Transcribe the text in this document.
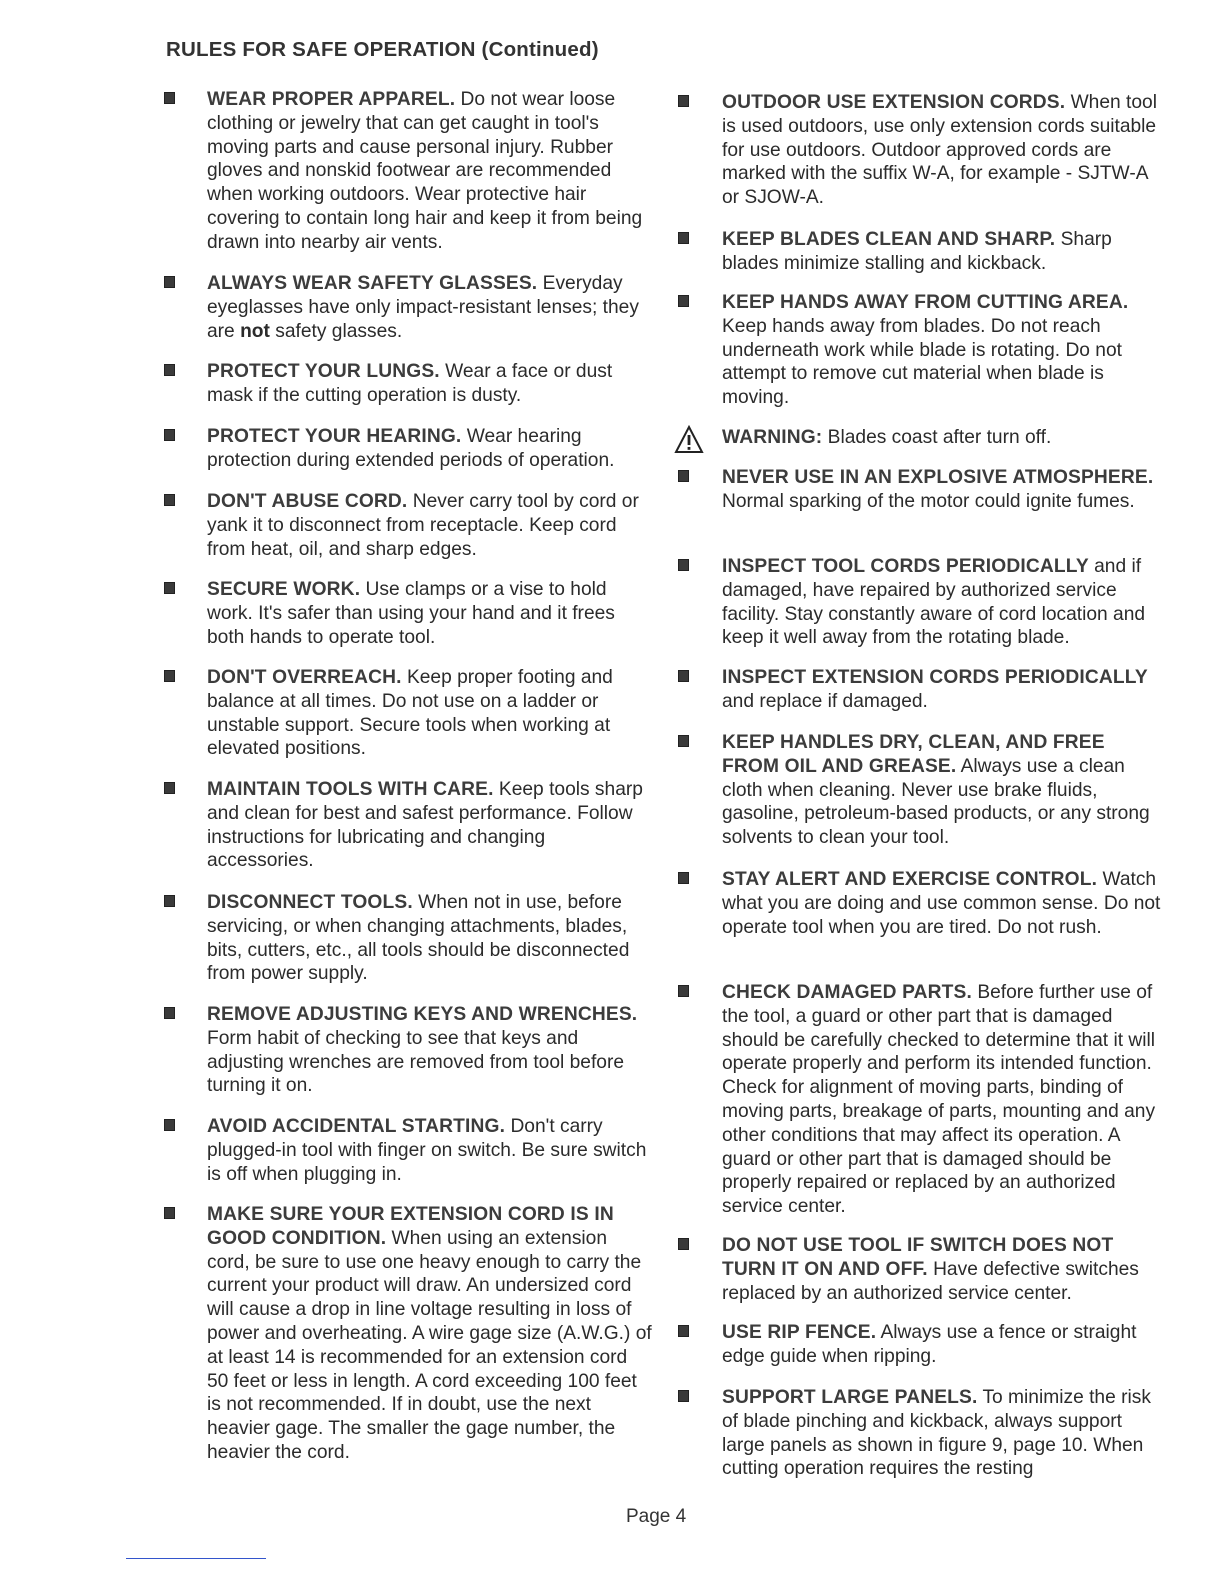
RULES FOR SAFE OPERATION (Continued)
WEAR PROPER APPAREL. Do not wear loose clothing or jewelry that can get caught in tool's moving parts and cause personal injury. Rubber gloves and nonskid footwear are recommended when working outdoors. Wear protective hair covering to contain long hair and keep it from being drawn into nearby air vents.
ALWAYS WEAR SAFETY GLASSES. Everyday eyeglasses have only impact-resistant lenses; they are not safety glasses.
PROTECT YOUR LUNGS. Wear a face or dust mask if the cutting operation is dusty.
PROTECT YOUR HEARING. Wear hearing protection during extended periods of operation.
DON'T ABUSE CORD. Never carry tool by cord or yank it to disconnect from receptacle. Keep cord from heat, oil, and sharp edges.
SECURE WORK. Use clamps or a vise to hold work. It's safer than using your hand and it frees both hands to operate tool.
DON'T OVERREACH. Keep proper footing and balance at all times. Do not use on a ladder or unstable support. Secure tools when working at elevated positions.
MAINTAIN TOOLS WITH CARE. Keep tools sharp and clean for best and safest performance. Follow instructions for lubricating and changing accessories.
DISCONNECT TOOLS. When not in use, before servicing, or when changing attachments, blades, bits, cutters, etc., all tools should be disconnected from power supply.
REMOVE ADJUSTING KEYS AND WRENCHES. Form habit of checking to see that keys and adjusting wrenches are removed from tool before turning it on.
AVOID ACCIDENTAL STARTING. Don't carry plugged-in tool with finger on switch. Be sure switch is off when plugging in.
MAKE SURE YOUR EXTENSION CORD IS IN GOOD CONDITION. When using an extension cord, be sure to use one heavy enough to carry the current your product will draw. An undersized cord will cause a drop in line voltage resulting in loss of power and overheating. A wire gage size (A.W.G.) of at least 14 is recommended for an extension cord 50 feet or less in length. A cord exceeding 100 feet is not recommended. If in doubt, use the next heavier gage. The smaller the gage number, the heavier the cord.
OUTDOOR USE EXTENSION CORDS. When tool is used outdoors, use only extension cords suitable for use outdoors. Outdoor approved cords are marked with the suffix W-A, for example - SJTW-A or SJOW-A.
KEEP BLADES CLEAN AND SHARP. Sharp blades minimize stalling and kickback.
KEEP HANDS AWAY FROM CUTTING AREA. Keep hands away from blades. Do not reach underneath work while blade is rotating. Do not attempt to remove cut material when blade is moving.
WARNING: Blades coast after turn off.
NEVER USE IN AN EXPLOSIVE ATMOSPHERE. Normal sparking of the motor could ignite fumes.
INSPECT TOOL CORDS PERIODICALLY and if damaged, have repaired by authorized service facility. Stay constantly aware of cord location and keep it well away from the rotating blade.
INSPECT EXTENSION CORDS PERIODICALLY and replace if damaged.
KEEP HANDLES DRY, CLEAN, AND FREE FROM OIL AND GREASE. Always use a clean cloth when cleaning. Never use brake fluids, gasoline, petroleum-based products, or any strong solvents to clean your tool.
STAY ALERT AND EXERCISE CONTROL. Watch what you are doing and use common sense. Do not operate tool when you are tired. Do not rush.
CHECK DAMAGED PARTS. Before further use of the tool, a guard or other part that is damaged should be carefully checked to determine that it will operate properly and perform its intended function. Check for alignment of moving parts, binding of moving parts, breakage of parts, mounting and any other conditions that may affect its operation. A guard or other part that is damaged should be properly repaired or replaced by an authorized service center.
DO NOT USE TOOL IF SWITCH DOES NOT TURN IT ON AND OFF. Have defective switches replaced by an authorized service center.
USE RIP FENCE. Always use a fence or straight edge guide when ripping.
SUPPORT LARGE PANELS. To minimize the risk of blade pinching and kickback, always support large panels as shown in figure 9, page 10. When cutting operation requires the resting
Page 4
